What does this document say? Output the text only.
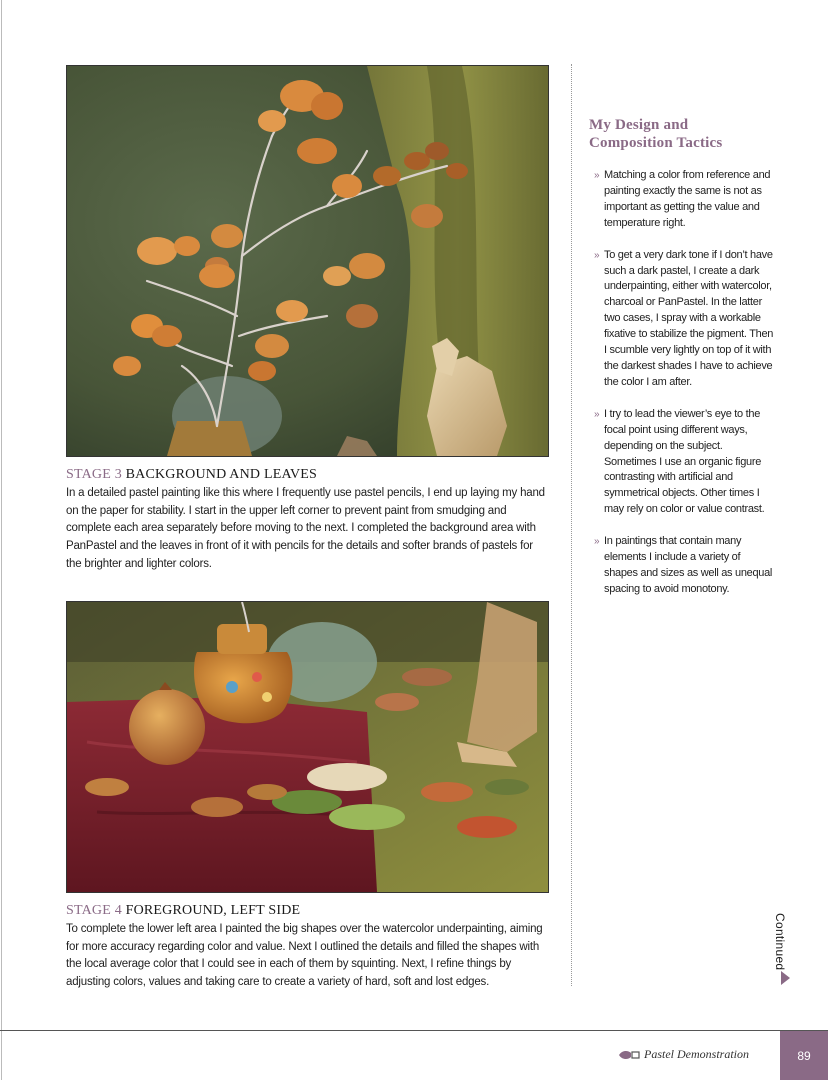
STAGE 3 BACKGROUND AND LEAVES

In a detailed pastel painting like this where I frequently use pastel pencils, I end up laying my hand on the paper for stability. I start in the upper left corner to prevent paint from smudging and complete each area separately before moving to the next. I completed the background area with PanPastel and the leaves in front of it with pencils for the details and softer brands of pastels for the brighter and lighter colors.

STAGE 4 FOREGROUND, LEFT SIDE

To complete the lower left area I painted the big shapes over the watercolor underpainting, aiming for more accuracy regarding color and value. Next I outlined the details and filled the shapes with the local average color that I could see in each of them by squinting. Next, I refine things by adjusting colors, values and taking care to create a variety of hard, soft and lost edges.

My Design and Composition Tactics
» Matching a color from reference and painting exactly the same is not as important as getting the value and temperature right.
» To get a very dark tone if I don’t have such a dark pastel, I create a dark underpainting, either with watercolor, charcoal or PanPastel. In the latter two cases, I spray with a workable fixative to stabilize the pigment. Then I scumble very lightly on top of it with the darkest shades I have to achieve the color I am after.
» I try to lead the viewer’s eye to the focal point using different ways, depending on the subject. Sometimes I use an organic figure contrasting with artificial and symmetrical objects. Other times I may rely on color or value contrast.
» In paintings that contain many elements I include a variety of shapes and sizes as well as unequal spacing to avoid monotony.
Continued
Pastel Demonstration	89
